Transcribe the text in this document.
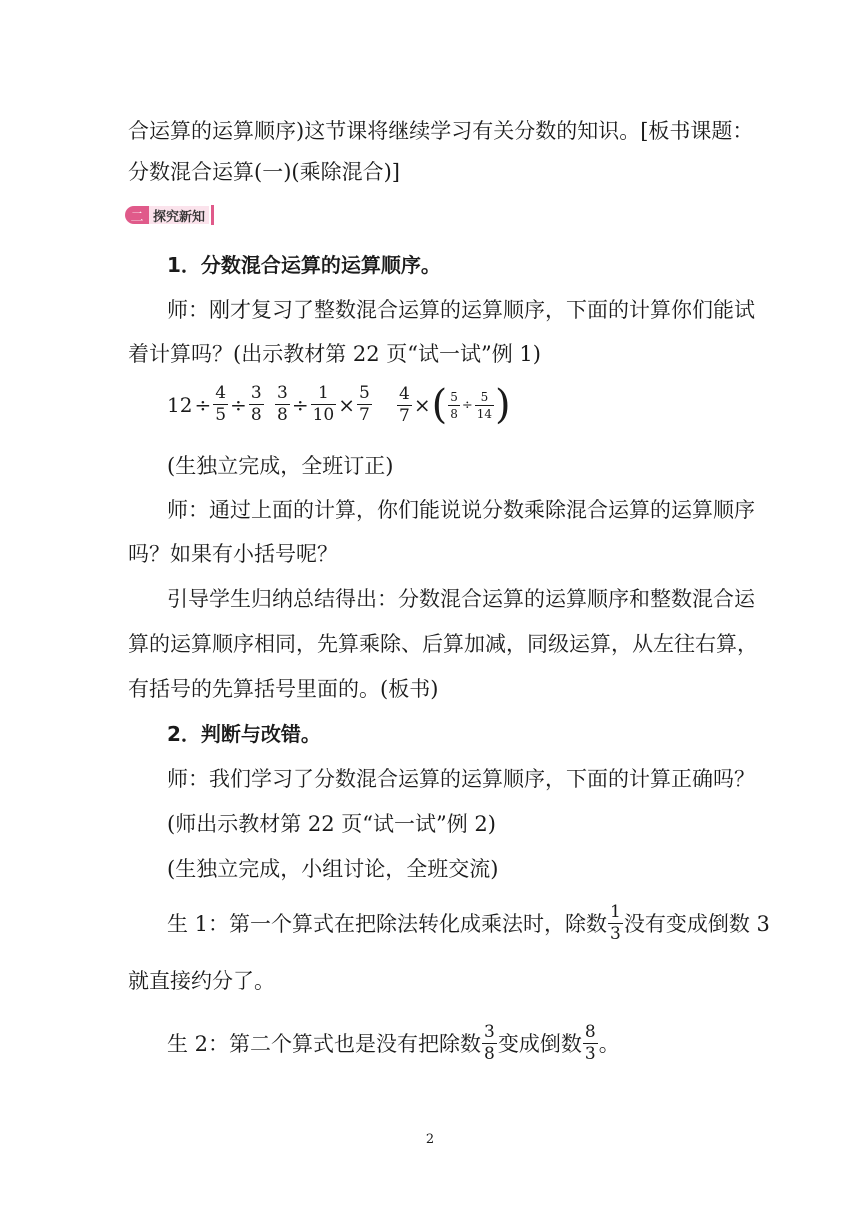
合运算的运算顺序)这节课将继续学习有关分数的知识。[板书课题：
分数混合运算(一)(乘除混合)]
二 探究新知
1．分数混合运算的运算顺序。
师：刚才复习了整数混合运算的运算顺序，下面的计算你们能试
着计算吗？(出示教材第 22 页“试一试”例 1)
$12 \div \frac{4}{5} \div \frac{3}{8} \frac{3}{8} \div \frac{1}{10} \times \frac{5}{7} \frac{4}{7}$ × ( $\frac{5}{8} \div \frac{5}{14}$ )
(生独立完成，全班订正)
师：通过上面的计算，你们能说说分数乘除混合运算的运算顺序
吗？如果有小括号呢？
引导学生归纳总结得出：分数混合运算的运算顺序和整数混合运
算的运算顺序相同，先算乘除、后算加减，同级运算，从左往右算，
有括号的先算括号里面的。(板书)
2．判断与改错。
师：我们学习了分数混合运算的运算顺序，下面的计算正确吗？
(师出示教材第 22 页“试一试”例 2)
(生独立完成，小组讨论，全班交流)
生 1：第一个算式在把除法转化成乘法时，除数 $\frac{1}{3}$ 没有变成倒数 3
就直接约分了。
生 2：第二个算式也是没有把除数 $\frac{3}{8}$ 变成倒数 $\frac{8}{3}$ 。
2
